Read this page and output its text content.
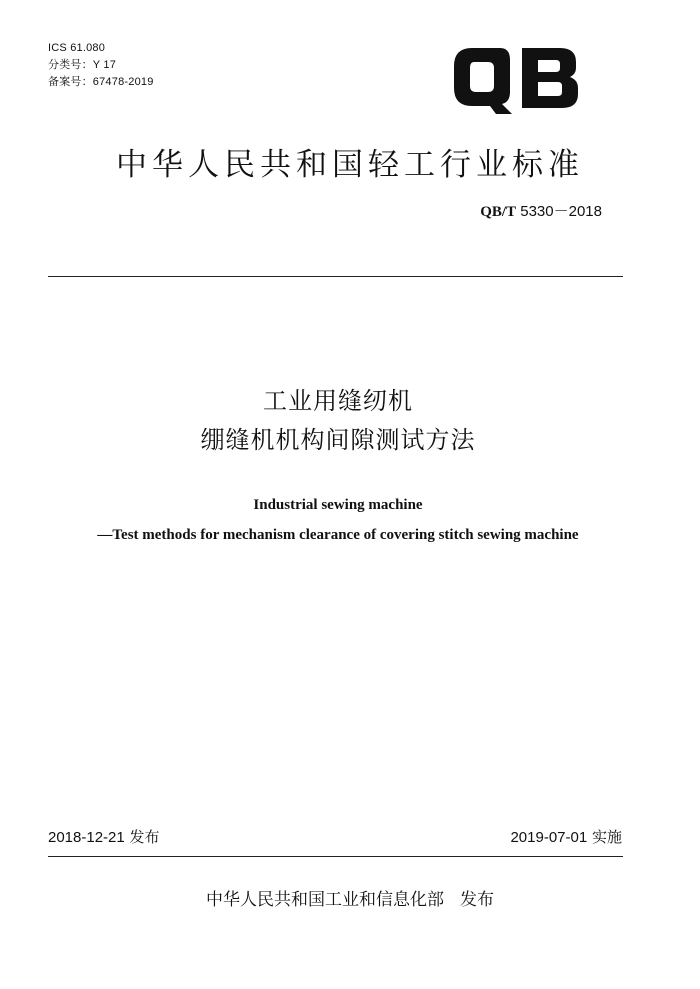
ICS 61.080
分类号：Y 17
备案号：67478-2019
中华人民共和国轻工行业标准
QB/T 5330－2018
工业用缝纫机
绷缝机机构间隙测试方法
Industrial sewing machine
—Test methods for mechanism clearance of covering stitch sewing machine
2018-12-21 发布	2019-07-01 实施
中华人民共和国工业和信息化部 发布
